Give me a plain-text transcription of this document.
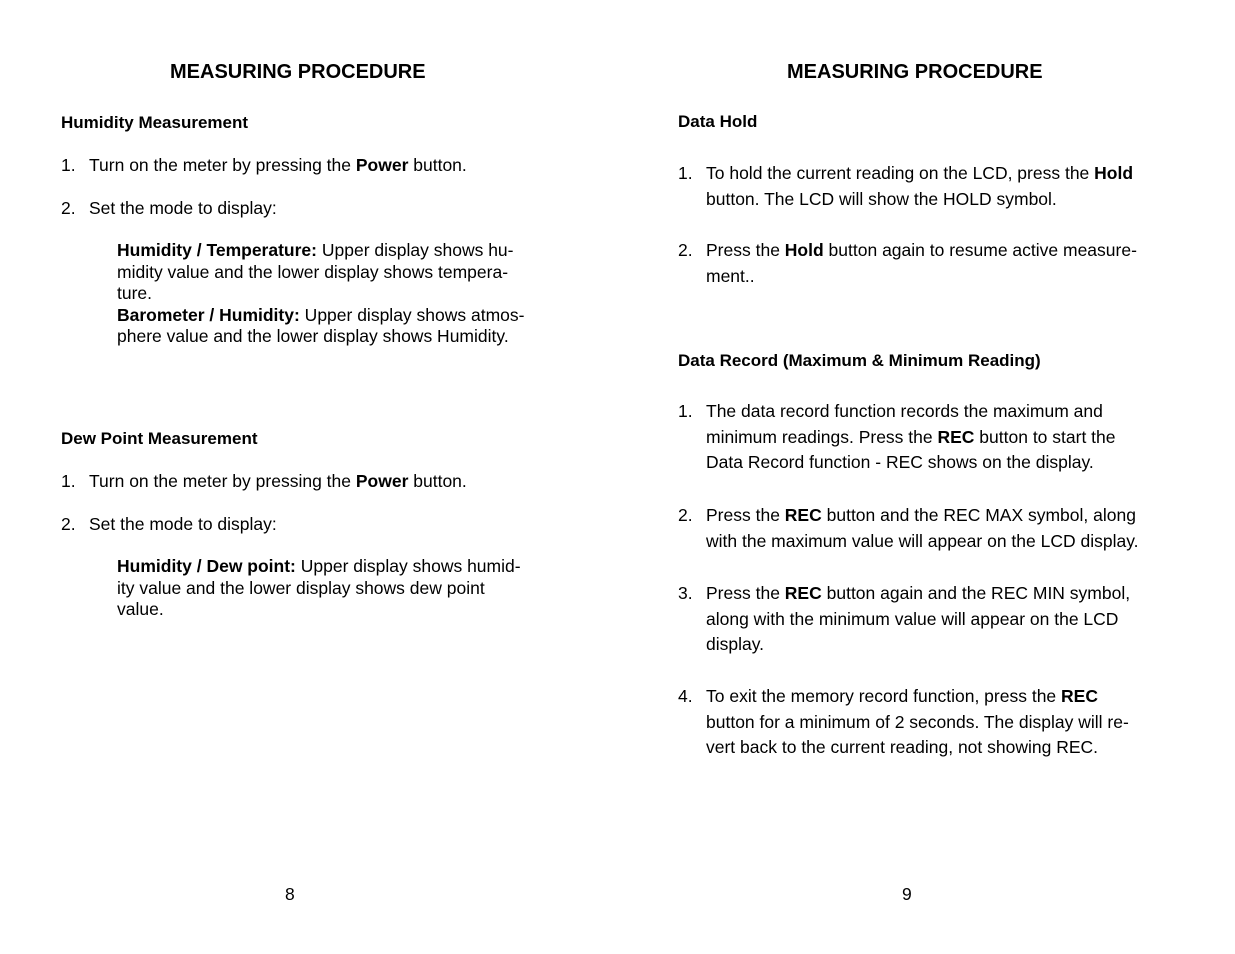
MEASURING PROCEDURE
Humidity Measurement
1. Turn on the meter by pressing the Power button.
2. Set the mode to display:
Humidity / Temperature: Upper display shows hu-
midity value and the lower display shows tempera-
ture.
Barometer / Humidity: Upper display shows atmos-
phere value and the lower display shows Humidity.
Dew Point Measurement
1. Turn on the meter by pressing the Power button.
2. Set the mode to display:
Humidity / Dew point: Upper display shows humid-
ity value and the lower display shows dew point
value.
8
MEASURING PROCEDURE
Data Hold
1. To hold the current reading on the LCD, press the Hold
button. The LCD will show the HOLD symbol.
2. Press the Hold button again to resume active measure-
ment..
Data Record (Maximum & Minimum Reading)
1. The data record function records the maximum and
minimum readings. Press the REC button to start the
Data Record function - REC shows on the display.
2. Press the REC button and the REC MAX symbol, along
with the maximum value will appear on the LCD display.
3. Press the REC button again and the REC MIN symbol,
along with the minimum value will appear on the LCD
display.
4. To exit the memory record function, press the REC
button for a minimum of 2 seconds. The display will re-
vert back to the current reading, not showing REC.
9
